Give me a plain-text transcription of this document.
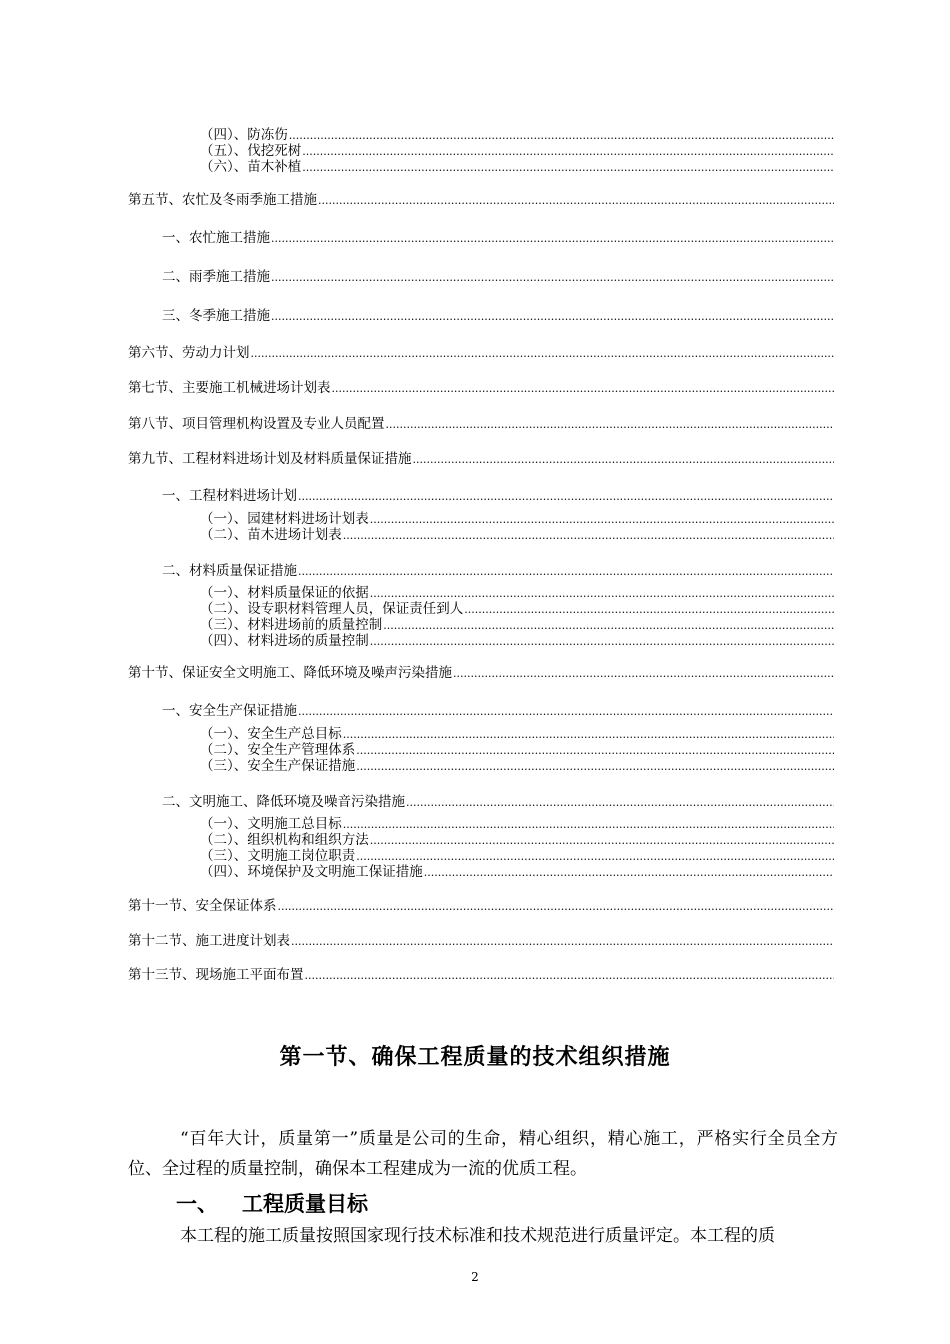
（四）、防冻伤
.....
（五）、伐挖死树
.....
（六）、苗木补植
.....
第五节、农忙及冬雨季施工措施
.....
一、农忙施工措施
.....
二、雨季施工措施
.....
三、冬季施工措施
.....
第六节、劳动力计划
.....
第七节、主要施工机械进场计划表
.....
第八节、项目管理机构设置及专业人员配置
.....
第九节、工程材料进场计划及材料质量保证措施
.....
一、工程材料进场计划
.....
（一）、园建材料进场计划表
.....
（二）、苗木进场计划表
.....
二、材料质量保证措施
.....
（一）、材料质量保证的依据
.....
（二）、设专职材料管理人员，保证责任到人
.....
（三）、材料进场前的质量控制
.....
（四）、材料进场的质量控制
.....
第十节、保证安全文明施工、降低环境及噪声污染措施
.....
一、安全生产保证措施
.....
（一）、安全生产总目标
.....
（二）、安全生产管理体系
.....
（三）、安全生产保证措施
.....
二、文明施工、降低环境及噪音污染措施
.....
（一）、文明施工总目标
.....
（二）、组织机构和组织方法
.....
（三）、文明施工岗位职责
.....
（四）、环境保护及文明施工保证措施
.....
第十一节、安全保证体系
.....
第十二节、施工进度计划表
.....
第十三节、现场施工平面布置
.....
第一节、确保工程质量的技术组织措施
“百年大计，质量第一”质量是公司的生命，精心组织，精心施工，严格实行全员全方位、全过程的质量控制，确保本工程建成为一流的优质工程。
一、 工程质量目标
本工程的施工质量按照国家现行技术标准和技术规范进行质量评定。本工程的质
2
